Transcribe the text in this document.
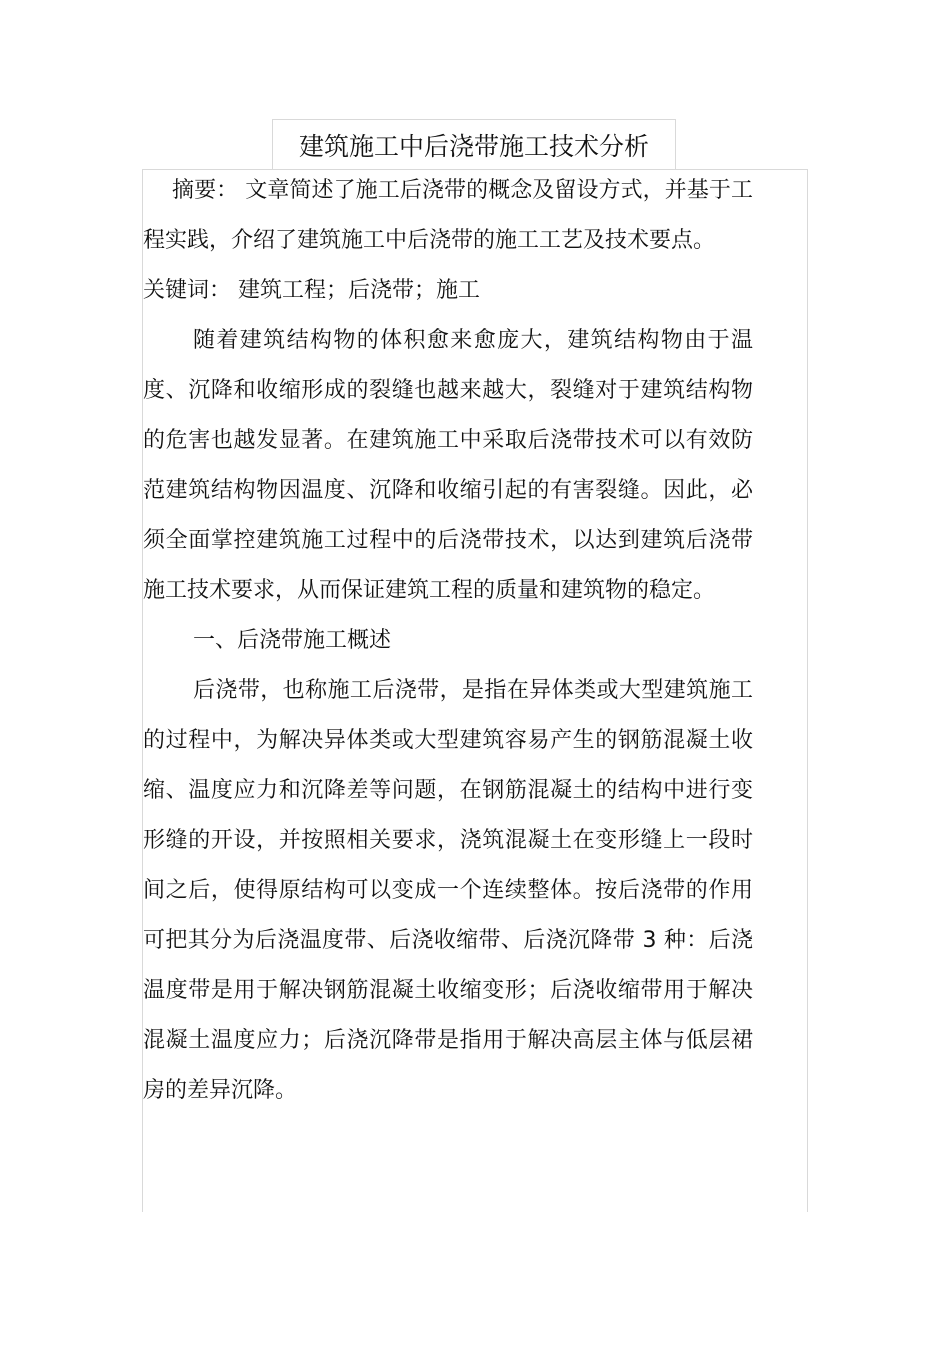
建筑施工中后浇带施工技术分析

摘要： 文章简述了施工后浇带的概念及留设方式，并基于工程实践，介绍了建筑施工中后浇带的施工工艺及技术要点。

关键词： 建筑工程；后浇带；施工

随着建筑结构物的体积愈来愈庞大，建筑结构物由于温度、沉降和收缩形成的裂缝也越来越大，裂缝对于建筑结构物的危害也越发显著。在建筑施工中采取后浇带技术可以有效防范建筑结构物因温度、沉降和收缩引起的有害裂缝。因此，必须全面掌控建筑施工过程中的后浇带技术，以达到建筑后浇带施工技术要求，从而保证建筑工程的质量和建筑物的稳定。

一、后浇带施工概述

后浇带，也称施工后浇带，是指在异体类或大型建筑施工的过程中，为解决异体类或大型建筑容易产生的钢筋混凝土收缩、温度应力和沉降差等问题，在钢筋混凝土的结构中进行变形缝的开设，并按照相关要求，浇筑混凝土在变形缝上一段时间之后，使得原结构可以变成一个连续整体。按后浇带的作用可把其分为后浇温度带、后浇收缩带、后浇沉降带 3 种：后浇温度带是用于解决钢筋混凝土收缩变形；后浇收缩带用于解决混凝土温度应力；后浇沉降带是指用于解决高层主体与低层裙房的差异沉降。
